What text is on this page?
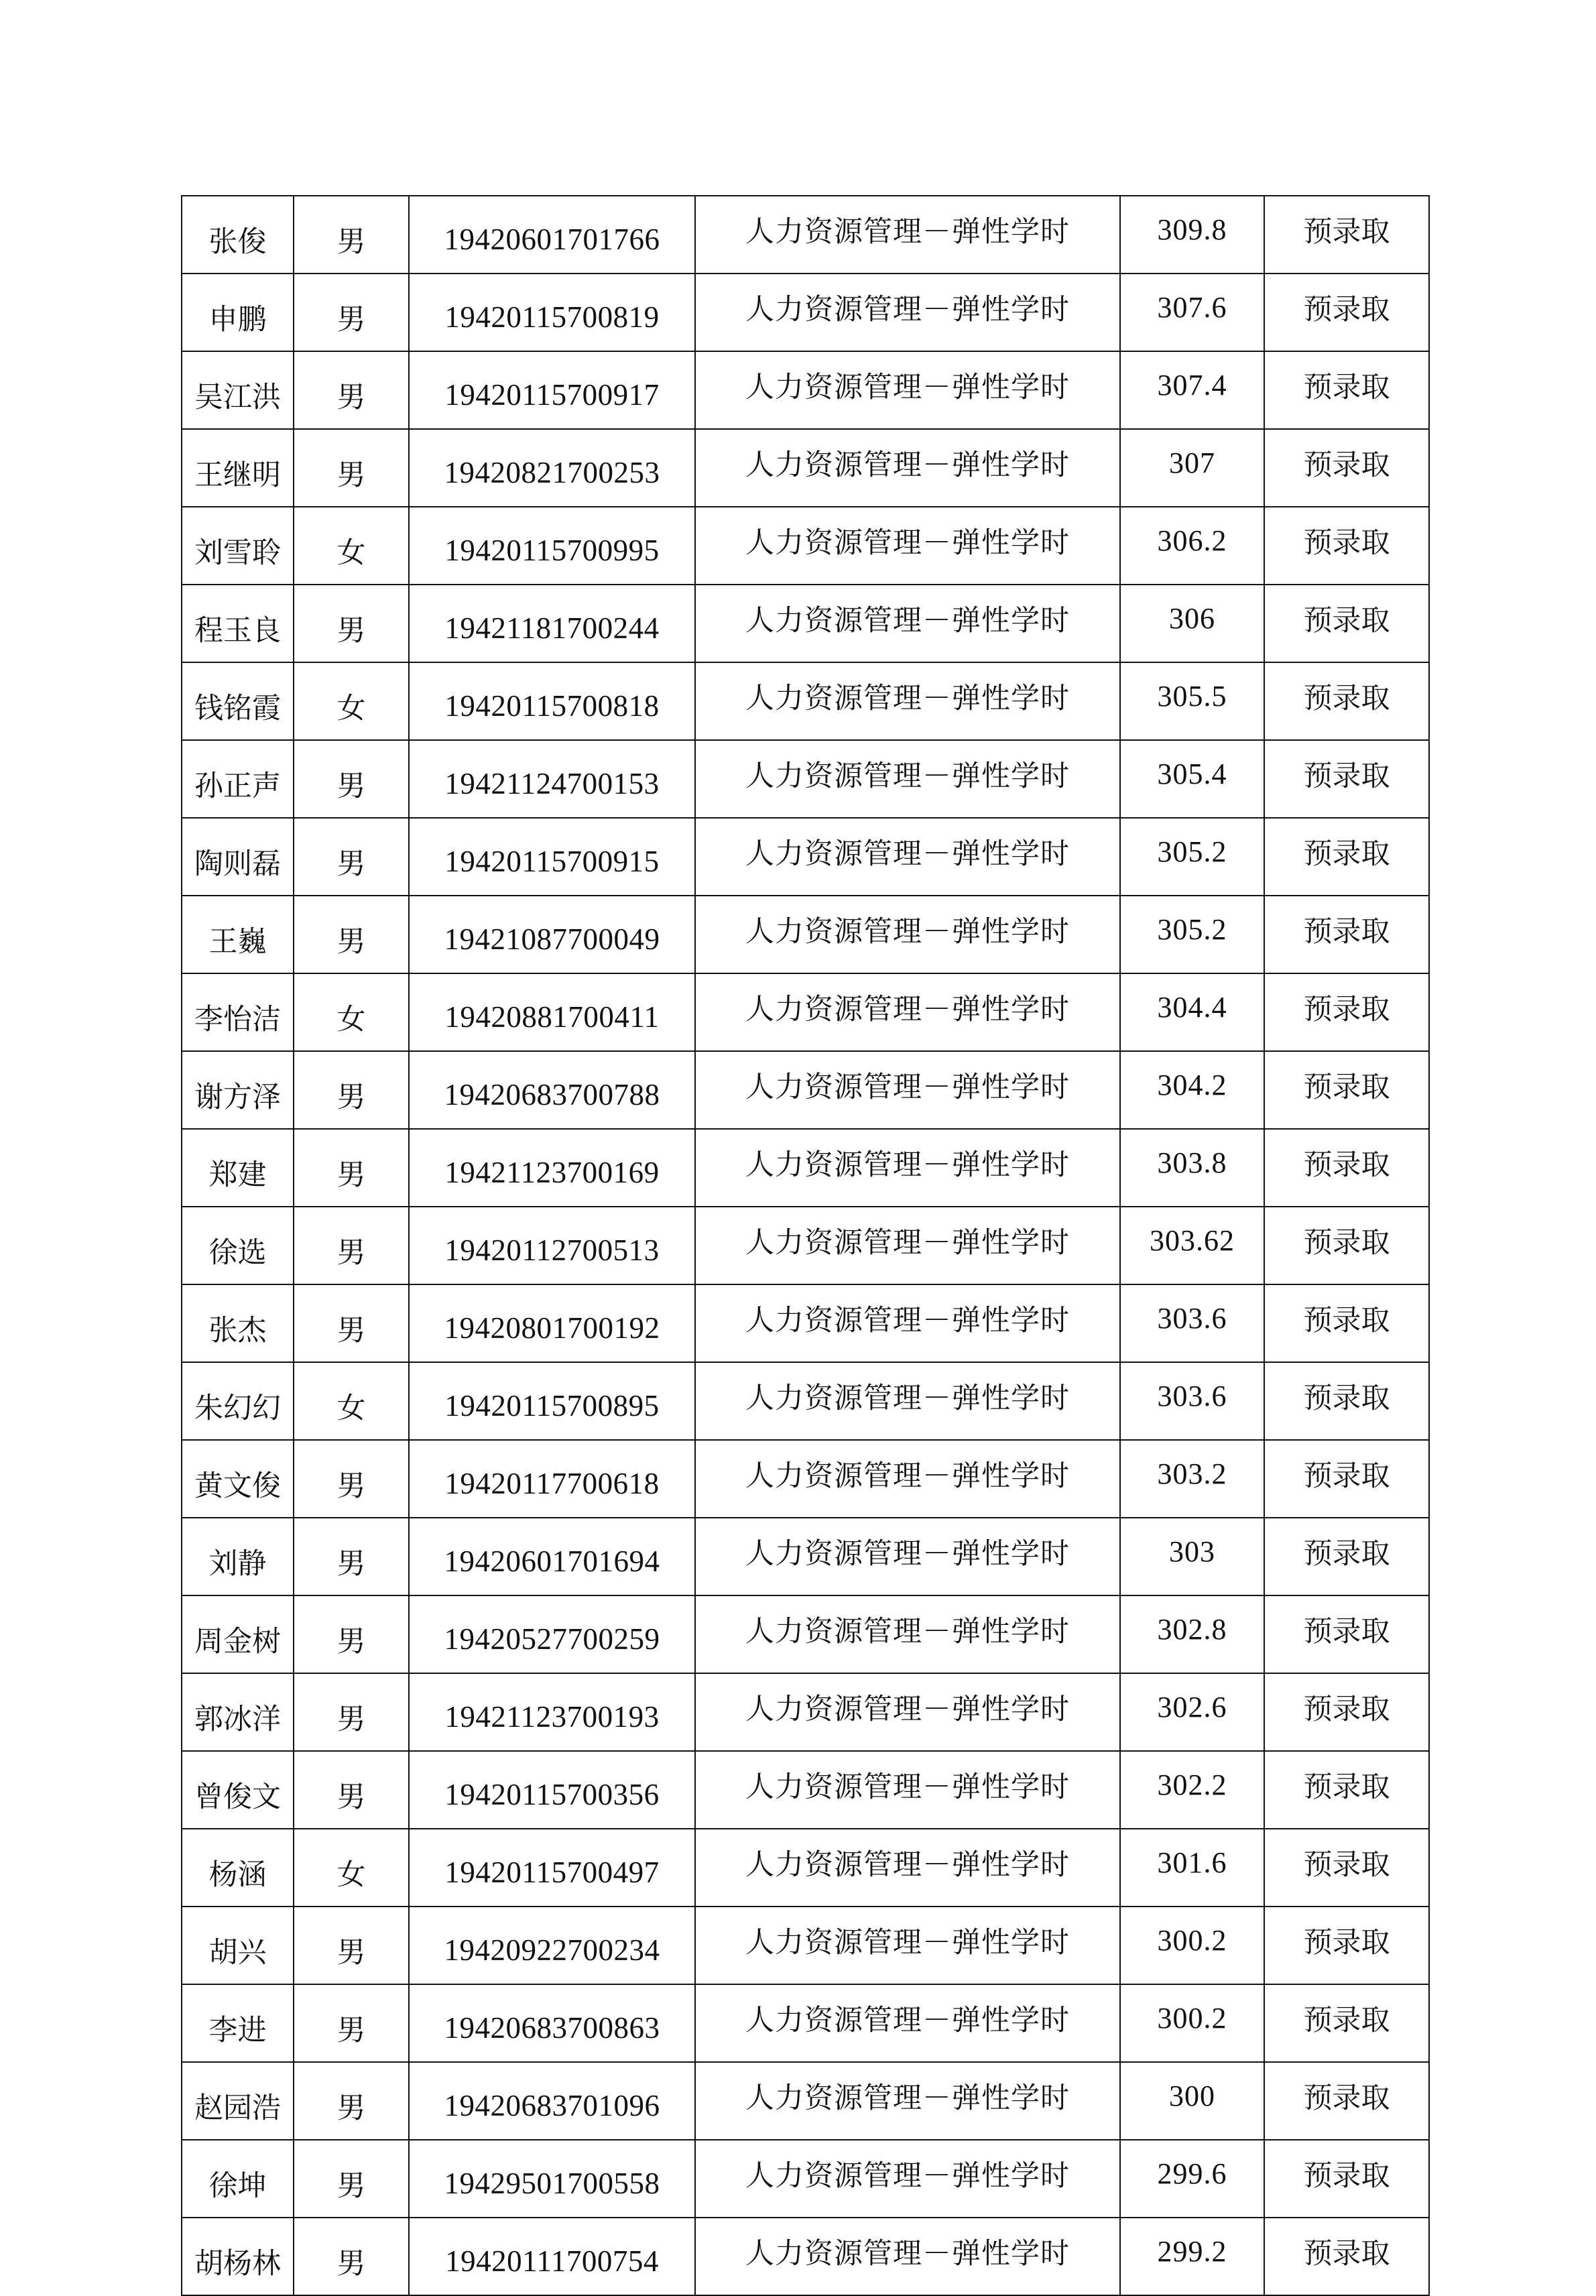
张俊	男	19420601701766	人力资源管理－弹性学时	309.8	预录取
申鹏	男	19420115700819	人力资源管理－弹性学时	307.6	预录取
吴江洪	男	19420115700917	人力资源管理－弹性学时	307.4	预录取
王继明	男	19420821700253	人力资源管理－弹性学时	307	预录取
刘雪聆	女	19420115700995	人力资源管理－弹性学时	306.2	预录取
程玉良	男	19421181700244	人力资源管理－弹性学时	306	预录取
钱铭霞	女	19420115700818	人力资源管理－弹性学时	305.5	预录取
孙正声	男	19421124700153	人力资源管理－弹性学时	305.4	预录取
陶则磊	男	19420115700915	人力资源管理－弹性学时	305.2	预录取
王巍	男	19421087700049	人力资源管理－弹性学时	305.2	预录取
李怡洁	女	19420881700411	人力资源管理－弹性学时	304.4	预录取
谢方泽	男	19420683700788	人力资源管理－弹性学时	304.2	预录取
郑建	男	19421123700169	人力资源管理－弹性学时	303.8	预录取
徐选	男	19420112700513	人力资源管理－弹性学时	303.62	预录取
张杰	男	19420801700192	人力资源管理－弹性学时	303.6	预录取
朱幻幻	女	19420115700895	人力资源管理－弹性学时	303.6	预录取
黄文俊	男	19420117700618	人力资源管理－弹性学时	303.2	预录取
刘静	男	19420601701694	人力资源管理－弹性学时	303	预录取
周金树	男	19420527700259	人力资源管理－弹性学时	302.8	预录取
郭冰洋	男	19421123700193	人力资源管理－弹性学时	302.6	预录取
曾俊文	男	19420115700356	人力资源管理－弹性学时	302.2	预录取
杨涵	女	19420115700497	人力资源管理－弹性学时	301.6	预录取
胡兴	男	19420922700234	人力资源管理－弹性学时	300.2	预录取
李进	男	19420683700863	人力资源管理－弹性学时	300.2	预录取
赵园浩	男	19420683701096	人力资源管理－弹性学时	300	预录取
徐坤	男	19429501700558	人力资源管理－弹性学时	299.6	预录取
胡杨林	男	19420111700754	人力资源管理－弹性学时	299.2	预录取
